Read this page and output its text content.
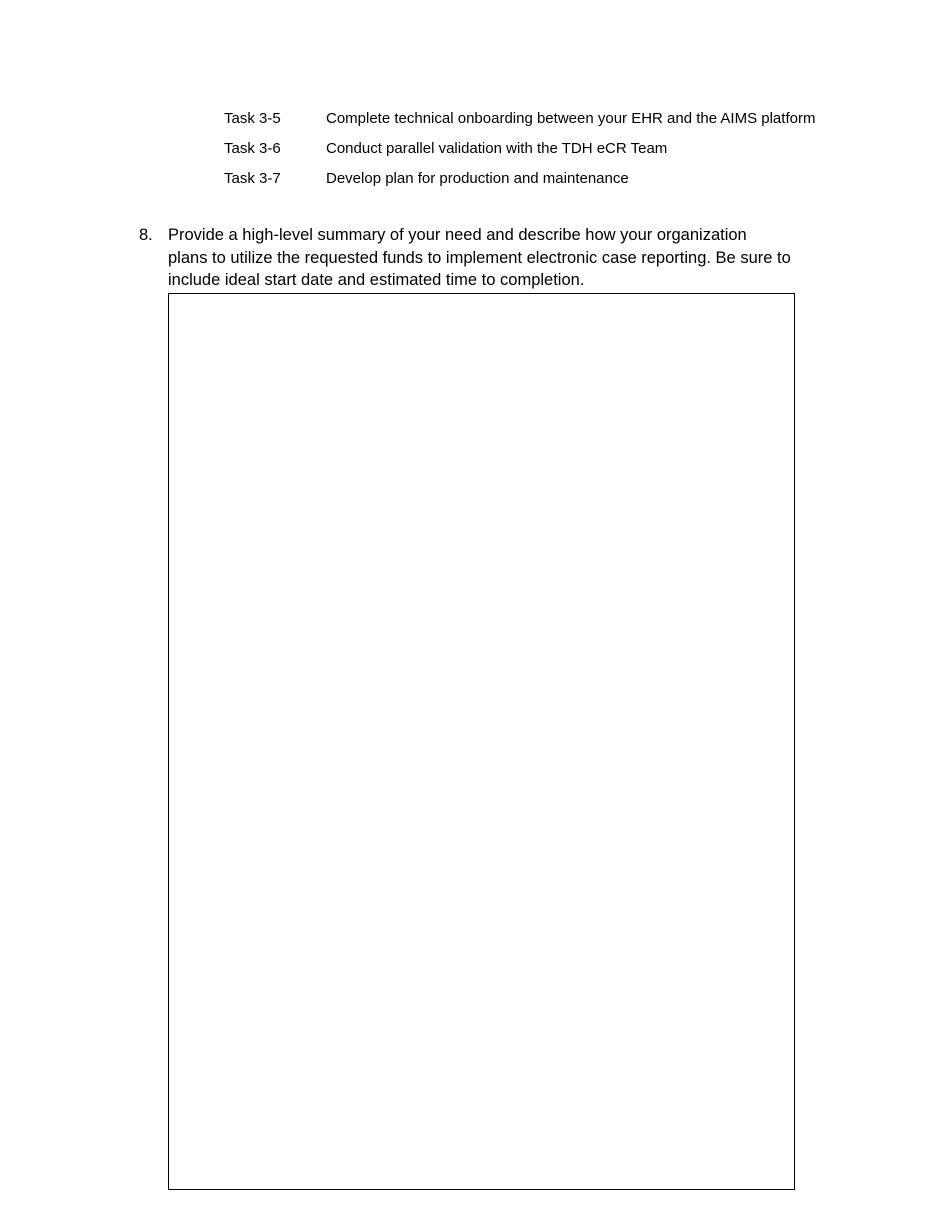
Task 3-5	Complete technical onboarding between your EHR and the AIMS platform
Task 3-6	Conduct parallel validation with the TDH eCR Team
Task 3-7	Develop plan for production and maintenance
8. Provide a high-level summary of your need and describe how your organization
plans to utilize the requested funds to implement electronic case reporting. Be sure to
include ideal start date and estimated time to completion.
